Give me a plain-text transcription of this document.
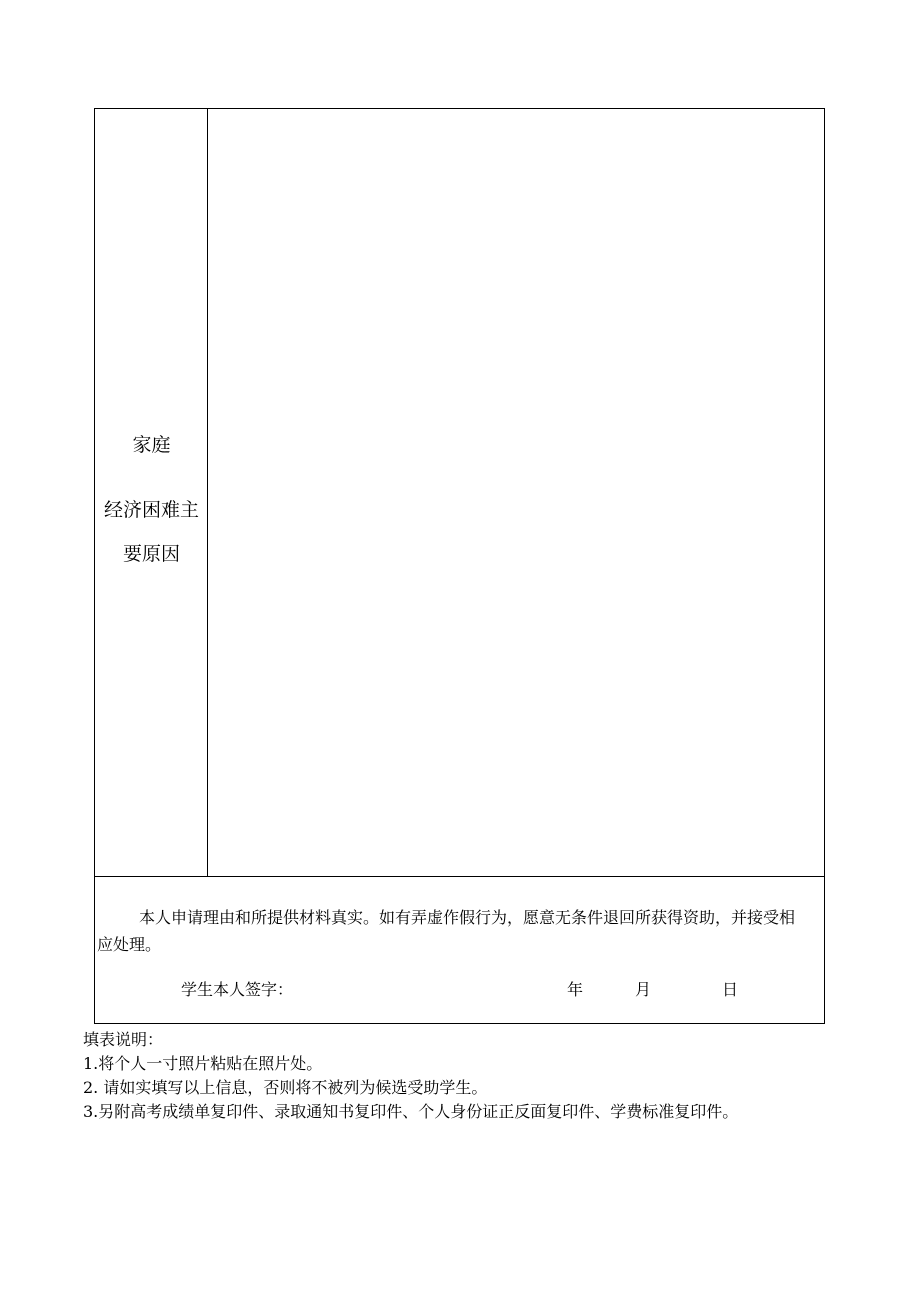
家庭
经济困难主
要原因

本人申请理由和所提供材料真实。如有弄虚作假行为，愿意无条件退回所获得资助，并接受相应处理。

学生本人签字：	年	月	日
填表说明：
1.将个人一寸照片粘贴在照片处。
2. 请如实填写以上信息，否则将不被列为候选受助学生。
3.另附高考成绩单复印件、录取通知书复印件、个人身份证正反面复印件、学费标准复印件。
